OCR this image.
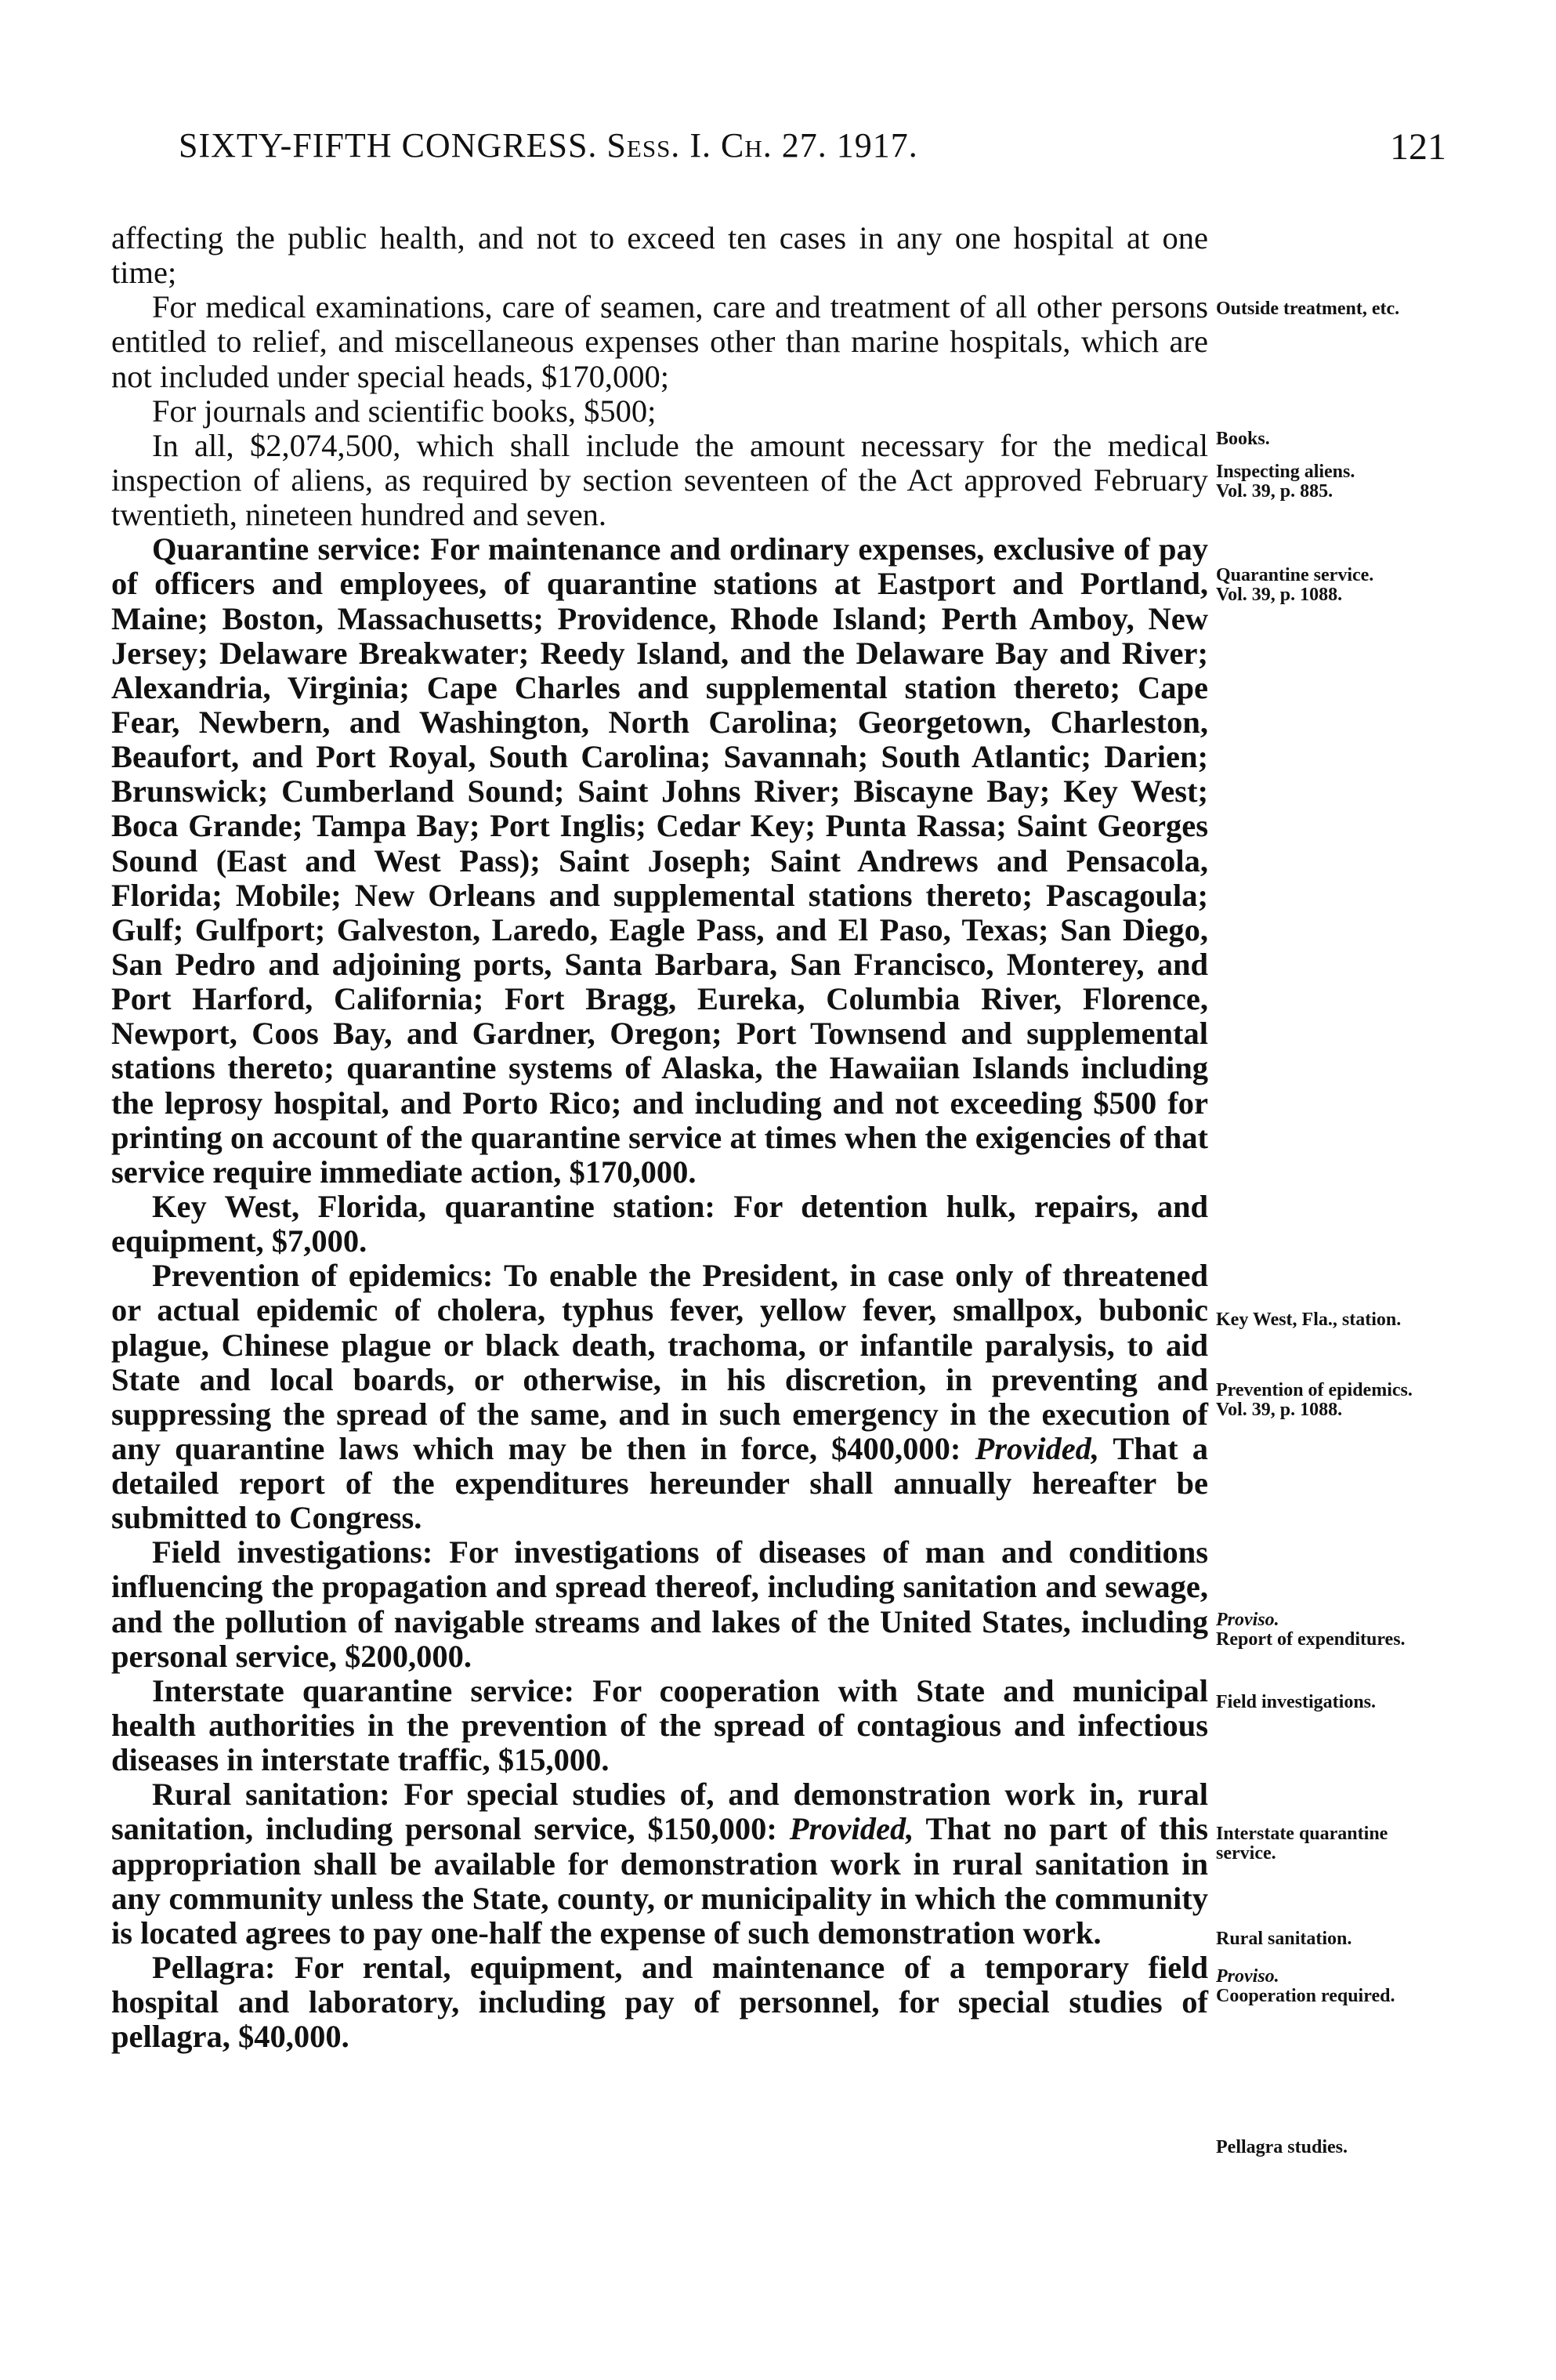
SIXTY-FIFTH CONGRESS. Sess. I. Ch. 27. 1917.	121

affecting the public health, and not to exceed ten cases in any one hospital at one time;

For medical examinations, care of seamen, care and treatment of all other persons entitled to relief, and miscellaneous expenses other than marine hospitals, which are not included under special heads, $170,000;

For journals and scientific books, $500;

In all, $2,074,500, which shall include the amount necessary for the medical inspection of aliens, as required by section seventeen of the Act approved February twentieth, nineteen hundred and seven.

Quarantine service: For maintenance and ordinary expenses, exclusive of pay of officers and employees, of quarantine stations at Eastport and Portland, Maine; Boston, Massachusetts; Providence, Rhode Island; Perth Amboy, New Jersey; Delaware Breakwater; Reedy Island, and the Delaware Bay and River; Alexandria, Virginia; Cape Charles and supplemental station thereto; Cape Fear, Newbern, and Washington, North Carolina; Georgetown, Charleston, Beaufort, and Port Royal, South Carolina; Savannah; South Atlantic; Darien; Brunswick; Cumberland Sound; Saint Johns River; Biscayne Bay; Key West; Boca Grande; Tampa Bay; Port Inglis; Cedar Key; Punta Rassa; Saint Georges Sound (East and West Pass); Saint Joseph; Saint Andrews and Pensacola, Florida; Mobile; New Orleans and supplemental stations thereto; Pascagoula; Gulf; Gulfport; Galveston, Laredo, Eagle Pass, and El Paso, Texas; San Diego, San Pedro and adjoining ports, Santa Barbara, San Francisco, Monterey, and Port Harford, California; Fort Bragg, Eureka, Columbia River, Florence, Newport, Coos Bay, and Gardner, Oregon; Port Townsend and supplemental stations thereto; quarantine systems of Alaska, the Hawaiian Islands including the leprosy hospital, and Porto Rico; and including and not exceeding $500 for printing on account of the quarantine service at times when the exigencies of that service require immediate action, $170,000.

Key West, Florida, quarantine station: For detention hulk, repairs, and equipment, $7,000.

Prevention of epidemics: To enable the President, in case only of threatened or actual epidemic of cholera, typhus fever, yellow fever, smallpox, bubonic plague, Chinese plague or black death, trachoma, or infantile paralysis, to aid State and local boards, or otherwise, in his discretion, in preventing and suppressing the spread of the same, and in such emergency in the execution of any quarantine laws which may be then in force, $400,000: Provided, That a detailed report of the expenditures hereunder shall annually hereafter be submitted to Congress.

Field investigations: For investigations of diseases of man and conditions influencing the propagation and spread thereof, including sanitation and sewage, and the pollution of navigable streams and lakes of the United States, including personal service, $200,000.

Interstate quarantine service: For cooperation with State and municipal health authorities in the prevention of the spread of contagious and infectious diseases in interstate traffic, $15,000.

Rural sanitation: For special studies of, and demonstration work in, rural sanitation, including personal service, $150,000: Provided, That no part of this appropriation shall be available for demonstration work in rural sanitation in any community unless the State, county, or municipality in which the community is located agrees to pay one-half the expense of such demonstration work.

Pellagra: For rental, equipment, and maintenance of a temporary field hospital and laboratory, including pay of personnel, for special studies of pellagra, $40,000.

Outside treatment, etc.
Books.
Inspecting aliens.
Vol. 39, p. 885.
Quarantine service.
Vol. 39, p. 1088.
Key West, Fla., station.
Prevention of epidemics.
Vol. 39, p. 1088.
Proviso.
Report of expenditures.
Field investigations.
Interstate quarantine service.
Rural sanitation.
Proviso.
Cooperation required.
Pellagra studies.
